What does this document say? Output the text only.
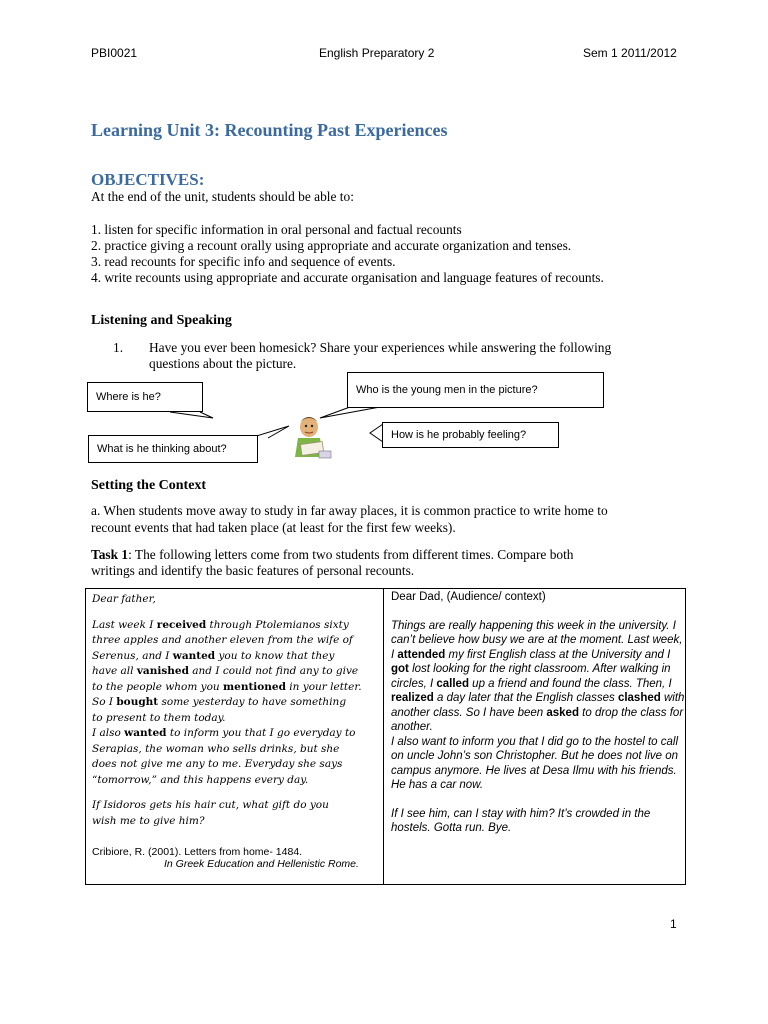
PBI0021	English Preparatory 2	Sem 1 2011/2012
Learning Unit 3: Recounting Past Experiences
OBJECTIVES:
At the end of the unit, students should be able to:
1. listen for specific information in oral personal and factual recounts
2. practice giving a recount orally using appropriate and accurate organization and tenses.
3. read recounts for specific info and sequence of events.
4. write recounts using appropriate and accurate organisation and language features of recounts.
Listening and Speaking
1. Have you ever been homesick? Share your experiences while answering the following
questions about the picture.
Where is he?
Who is the young men in the picture?
What is he thinking about?
How is he probably feeling?
Setting the Context
a. When students move away to study in far away places, it is common practice to write home to
recount events that had taken place (at least for the first few weeks).
Task 1: The following letters come from two students from different times. Compare both
writings and identify the basic features of personal recounts.
Dear father,
Last week I received through Ptolemianos sixty
three apples and another eleven from the wife of
Serenus, and I wanted you to know that they
have all vanished and I could not find any to give
to the people whom you mentioned in your letter.
So I bought some yesterday to have something
to present to them today.
I also wanted to inform you that I go everyday to
Serapias, the woman who sells drinks, but she
does not give me any to me. Everyday she says
“tomorrow,” and this happens every day.
If Isidoros gets his hair cut, what gift do you
wish me to give him?
Cribiore, R. (2001). Letters from home- 1484.
In Greek Education and Hellenistic Rome.
Dear Dad, (Audience/ context)
Things are really happening this week in the university. I can’t believe how busy we are at the moment. Last week, I attended my first English class at the University and I got lost looking for the right classroom. After walking in circles, I called up a friend and found the class. Then, I realized a day later that the English classes clashed with another class. So I have been asked to drop the class for another.
I also want to inform you that I did go to the hostel to call on uncle John’s son Christopher. But he does not live on campus anymore. He lives at Desa Ilmu with his friends. He has a car now.
If I see him, can I stay with him? It’s crowded in the hostels. Gotta run. Bye.
1
